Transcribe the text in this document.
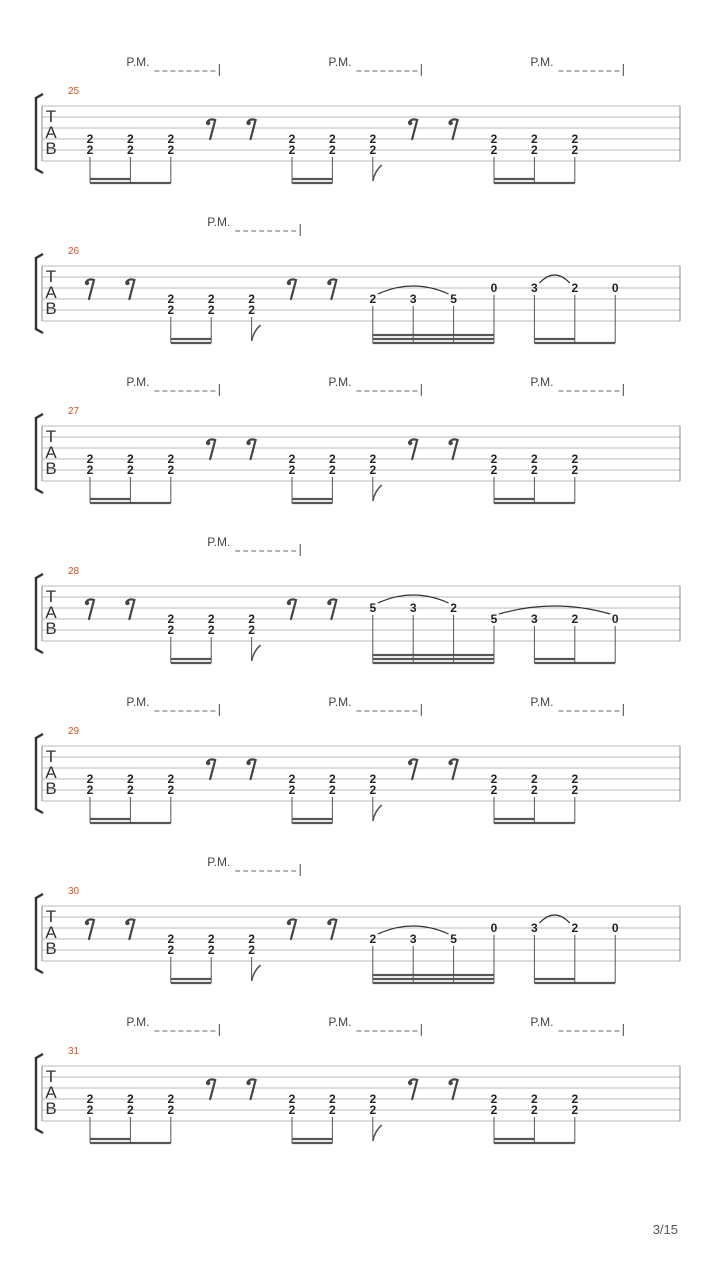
T
A
B
25
P.M.	P.M.	P.M.
2
2
2
2
2
2
2
2
2
2
2
2
2
2
2
2
2
2
T
A
B
26
P.M.
2
2
2
2
2
2
2	3	5
0	3	2	0
T
A
B
27
P.M.	P.M.	P.M.
2
2
2
2
2
2
2
2
2
2
2
2
2
2
2
2
2
2
T
A
B
28
P.M.
2
2
2
2
2
2
5	3	2
5	3	2	0
T
A
B
29
P.M.	P.M.	P.M.
2
2
2
2
2
2
2
2
2
2
2
2
2
2
2
2
2
2
T
A
B
30
P.M.
2
2
2
2
2
2
2	3	5
0	3	2	0
T
A
B
31
P.M.	P.M.	P.M.
2
2
2
2
2
2
2
2
2
2
2
2
2
2
2
2
2
2
3/15
